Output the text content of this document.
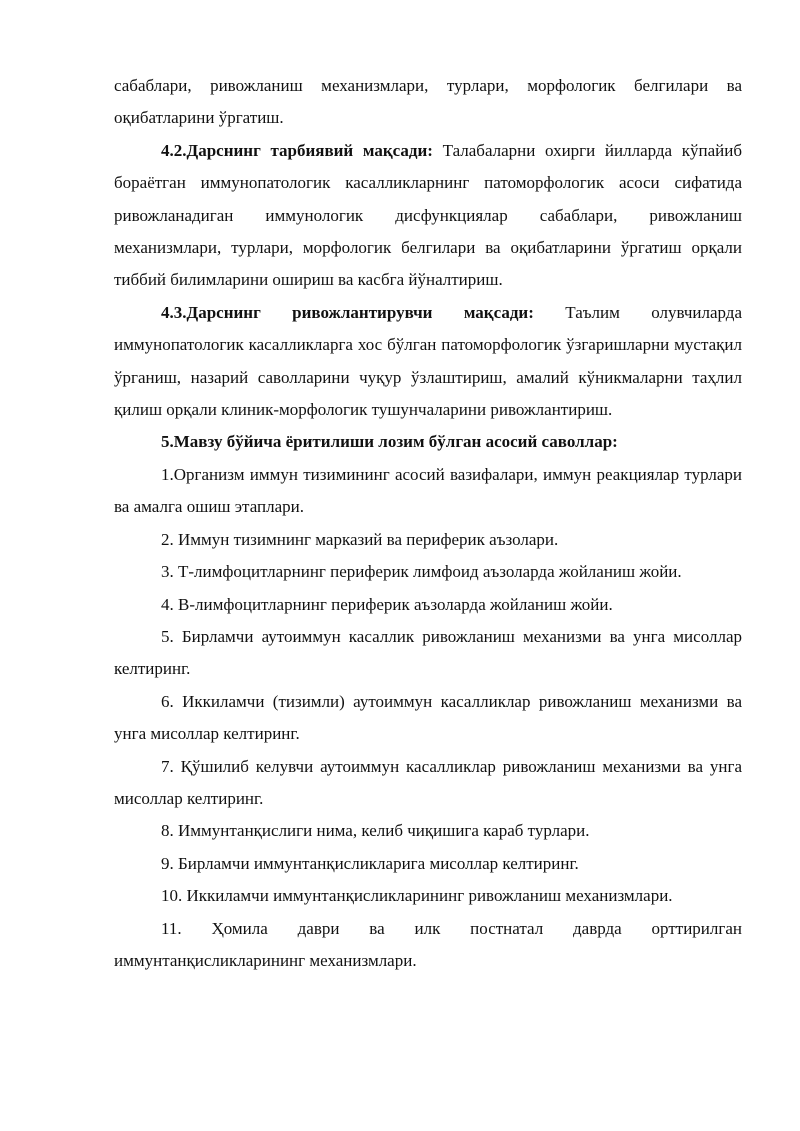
сабаблари, ривожланиш механизмлари, турлари, морфологик белгилари ва оқибатларини ўргатиш.

4.2.Дарснинг тарбиявий мақсади: Талабаларни охирги йилларда кўпайиб бораётган иммунопатологик касалликларнинг патоморфологик асоси сифатида ривожланадиган иммунологик дисфункциялар сабаблари, ривожланиш механизмлари, турлари, морфологик белгилари ва оқибатларини ўргатиш орқали тиббий билимларини ошириш ва касбга йўналтириш.

4.3.Дарснинг ривожлантирувчи мақсади: Таълим олувчиларда иммунопатологик касалликларга хос бўлган патоморфологик ўзгаришларни мустақил ўрганиш, назарий саволларини чуқур ўзлаштириш, амалий кўникмаларни таҳлил қилиш орқали клиник-морфологик тушунчаларини ривожлантириш.

5.Мавзу бўйича ёритилиши лозим бўлган асосий саволлар:

1.Организм иммун тизимининг асосий вазифалари, иммун реакциялар турлари ва амалга ошиш этаплари.

2. Иммун тизимнинг марказий ва периферик аъзолари.

3. Т-лимфоцитларнинг периферик лимфоид аъзоларда жойланиш жойи.

4. В-лимфоцитларнинг периферик аъзоларда жойланиш жойи.

5. Бирламчи аутоиммун касаллик ривожланиш механизми ва унга мисоллар келтиринг.

6. Иккиламчи (тизимли) аутоиммун касалликлар ривожланиш механизми ва унга мисоллар келтиринг.

7. Қўшилиб келувчи аутоиммун касалликлар ривожланиш механизми ва унга мисоллар келтиринг.

8. Иммунтанқислиги нима, келиб чиқишига караб турлари.

9. Бирламчи иммунтанқисликларига мисоллар келтиринг.

10. Иккиламчи иммунтанқисликларининг ривожланиш механизмлари.

11. Ҳомила даври ва илк постнатал даврда орттирилган иммунтанқисликларининг механизмлари.
